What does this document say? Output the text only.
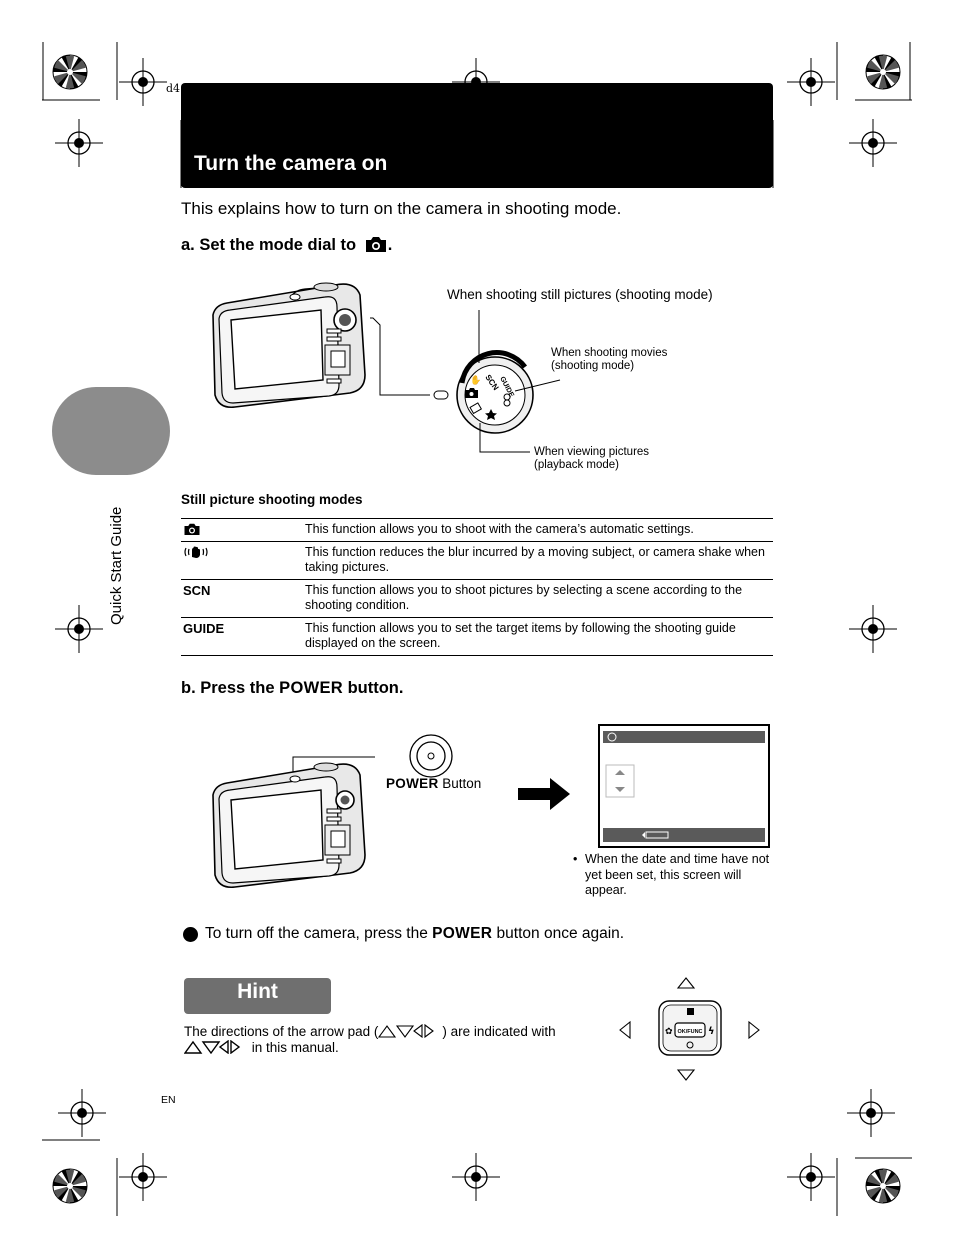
d4
Turn the camera on
This explains how to turn on the camera in shooting mode.
Quick Start Guide
a. Set the mode dial to .
SCN
GUIDE
✋
When shooting still pictures (shooting mode)
When shooting movies
(shooting mode)
When viewing pictures
(playback mode)
Still picture shooting modes
	This function allows you to shoot with the camera’s automatic settings.
	This function reduces the blur incurred by a moving subject, or camera shake when taking pictures.
SCN	This function allows you to shoot pictures by selecting a scene according to the shooting condition.
GUIDE	This function allows you to set the target items by following the shooting guide displayed on the screen.
b. Press the POWER button.
POWER Button
• When the date and time have not yet been set, this screen will appear.
To turn off the camera, press the POWER button once again.
Hint
The directions of the arrow pad (	) are indicated with
in this manual.
OK/FUNC
✿	ϟ
EN
